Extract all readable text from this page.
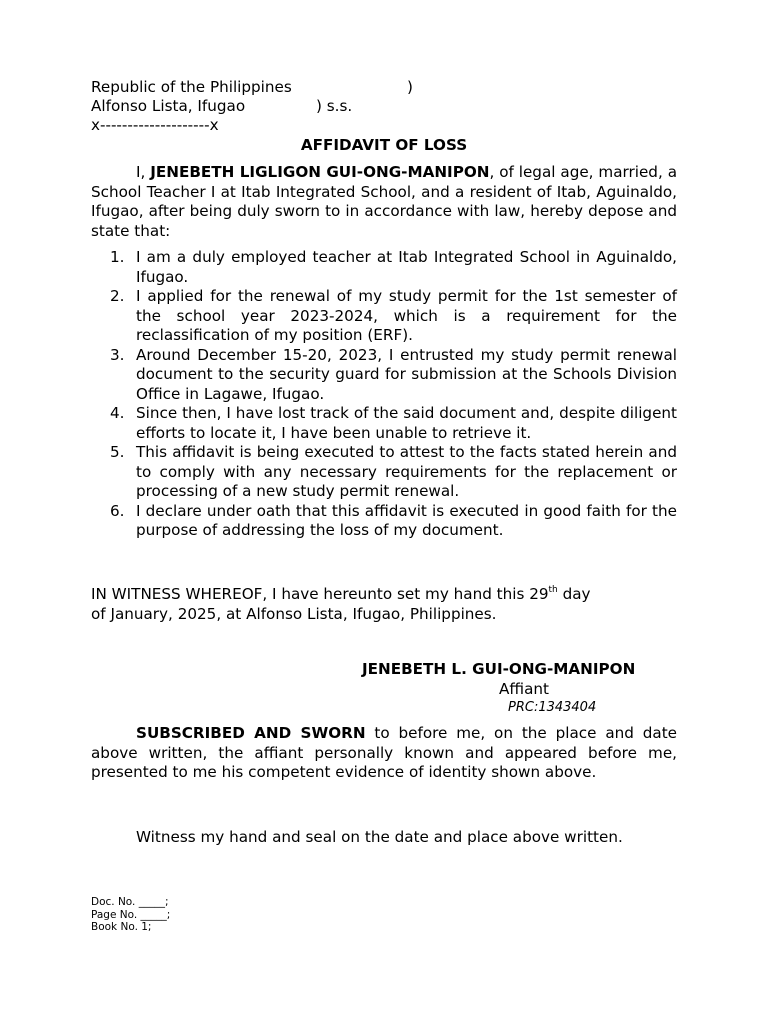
Republic of the Philippines	)
Alfonso Lista, Ifugao	) s.s.
x--------------------x
AFFIDAVIT OF LOSS
I, JENEBETH LIGLIGON GUI-ONG-MANIPON, of legal age, married, a School Teacher I at Itab Integrated School, and a resident of Itab, Aguinaldo, Ifugao, after being duly sworn to in accordance with law, hereby depose and state that:
1. I am a duly employed teacher at Itab Integrated School in Aguinaldo, Ifugao.
2. I applied for the renewal of my study permit for the 1st semester of the school year 2023-2024, which is a requirement for the reclassification of my position (ERF).
3. Around December 15-20, 2023, I entrusted my study permit renewal document to the security guard for submission at the Schools Division Office in Lagawe, Ifugao.
4. Since then, I have lost track of the said document and, despite diligent efforts to locate it, I have been unable to retrieve it.
5. This affidavit is being executed to attest to the facts stated herein and to comply with any necessary requirements for the replacement or processing of a new study permit renewal.
6. I declare under oath that this affidavit is executed in good faith for the purpose of addressing the loss of my document.
IN WITNESS WHEREOF, I have hereunto set my hand this 29th day
of January, 2025, at Alfonso Lista, Ifugao, Philippines.
JENEBETH L. GUI-ONG-MANIPON
Affiant
PRC:1343404
SUBSCRIBED AND SWORN to before me, on the place and date above written, the affiant personally known and appeared before me, presented to me his competent evidence of identity shown above.
Witness my hand and seal on the date and place above written.
Doc. No. _____;
Page No. _____;
Book No. 1;
